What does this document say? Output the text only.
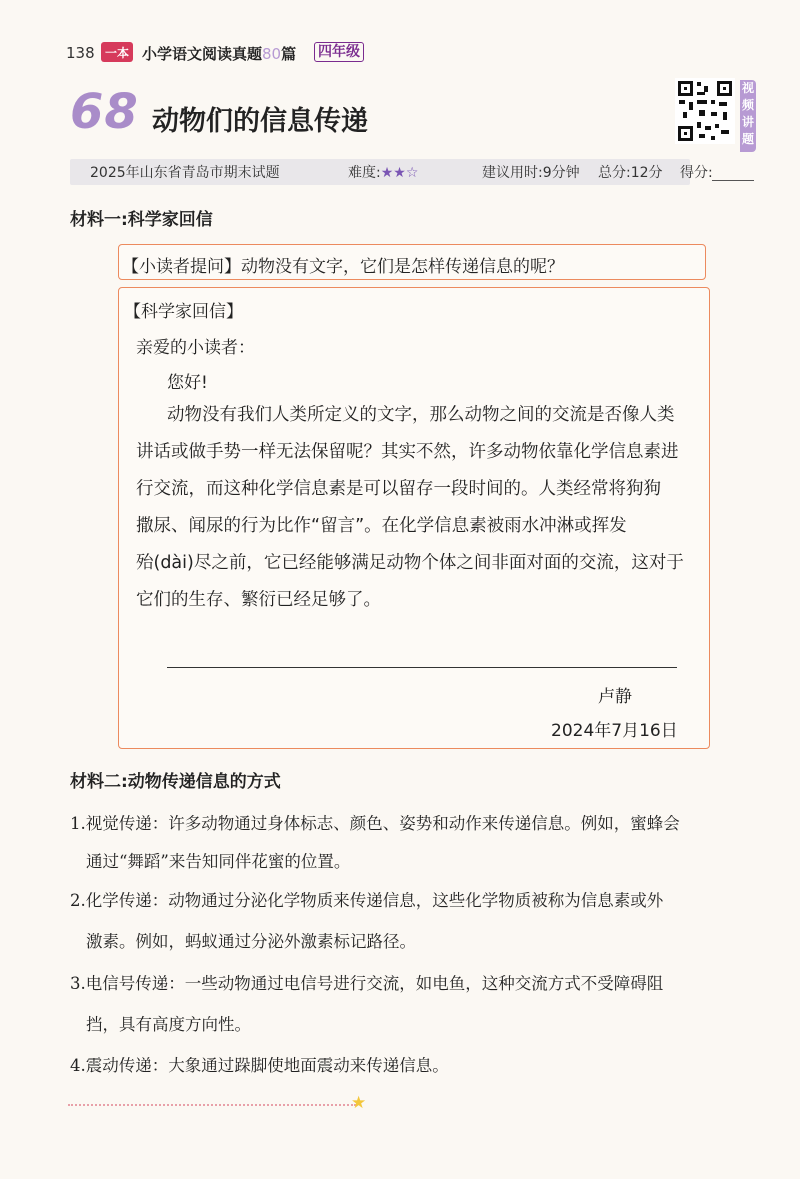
138 一本 小学语文阅读真题80篇 四年级
68 动物们的信息传递
视
频
讲
题
2025年山东省青岛市期末试题	难度:★★☆	建议用时:9分钟 总分:12分 得分:
材料一:科学家回信
【小读者提问】动物没有文字，它们是怎样传递信息的呢？
【科学家回信】
亲爱的小读者：
您好!
动物没有我们人类所定义的文字，那么动物之间的交流是否像人类
讲话或做手势一样无法保留呢？其实不然，许多动物依靠化学信息素进
行交流，而这种化学信息素是可以留存一段时间的。人类经常将狗狗
撒尿、闻尿的行为比作“留言”。在化学信息素被雨水冲淋或挥发
殆(dài)尽之前，它已经能够满足动物个体之间非面对面的交流，这对于
它们的生存、繁衍已经足够了。
卢静
2024年7月16日
材料二:动物传递信息的方式
1.视觉传递：许多动物通过身体标志、颜色、姿势和动作来传递信息。例如，蜜蜂会
通过“舞蹈”来告知同伴花蜜的位置。
2.化学传递：动物通过分泌化学物质来传递信息，这些化学物质被称为信息素或外
激素。例如，蚂蚁通过分泌外激素标记路径。
3.电信号传递：一些动物通过电信号进行交流，如电鱼，这种交流方式不受障碍阻
挡，具有高度方向性。
4.震动传递：大象通过跺脚使地面震动来传递信息。
★
